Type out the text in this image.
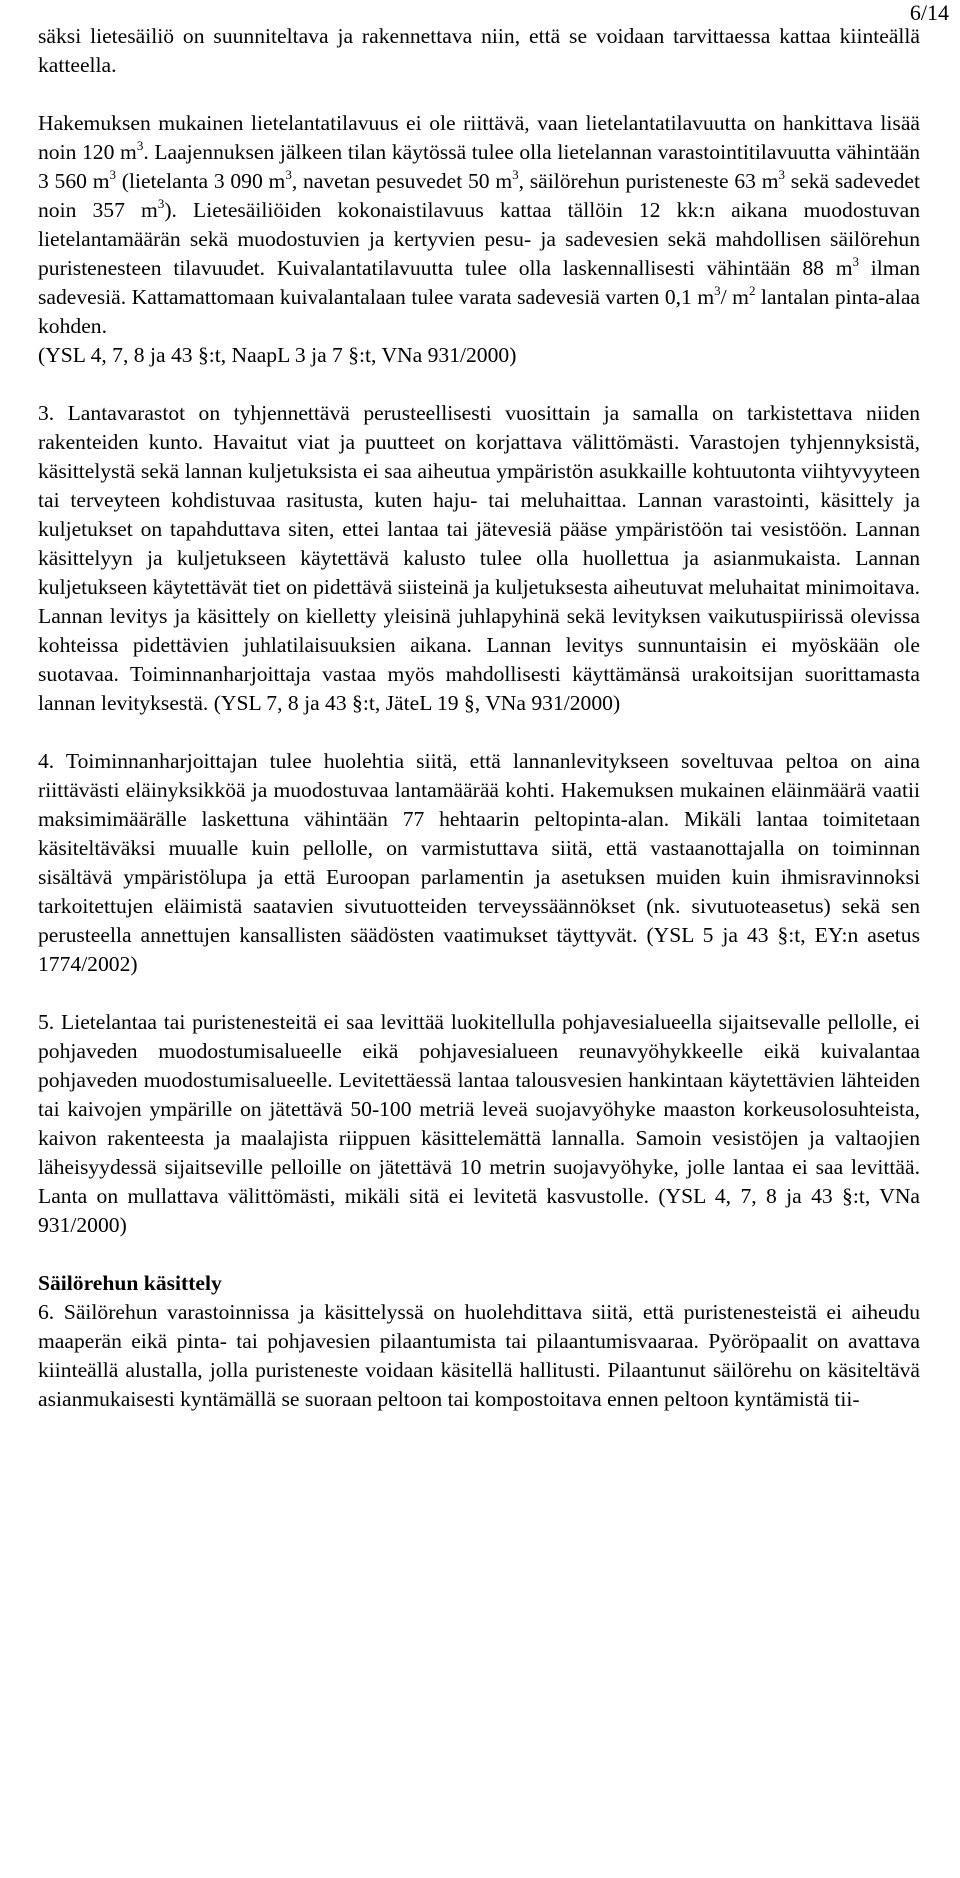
6/14

säksi lietesäiliö on suunniteltava ja rakennettava niin, että se voidaan tarvittaessa kattaa kiinteällä katteella.

Hakemuksen mukainen lietelantatilavuus ei ole riittävä, vaan lietelantatilavuutta on hankittava lisää noin 120 $m^3$. Laajennuksen jälkeen tilan käytössä tulee olla lietelannan varastointitilavuutta vähintään 3 560 $m^3$ (lietelanta 3 090 $m^3$, navetan pesuvedet 50 $m^3$, säilörehun puristeneste 63 $m^3$ sekä sadevedet noin 357 $m^3$). Lietesäiliöiden kokonaistilavuus kattaa tällöin 12 kk:n aikana muodostuvan lietelantamäärän sekä muodostuvien ja kertyvien pesu- ja sadevesien sekä mahdollisen säilörehun puristenesteen tilavuudet. Kuivalantatilavuutta tulee olla laskennallisesti vähintään 88 $m^3$ ilman sadevesiä. Kattamattomaan kuivalantalaan tulee varata sadevesiä varten 0,1 $m^3/$ $m^2$ lantalan pinta-alaa kohden.

(YSL 4, 7, 8 ja 43 §:t, NaapL 3 ja 7 §:t, VNa 931/2000)

3. Lantavarastot on tyhjennettävä perusteellisesti vuosittain ja samalla on tarkistettava niiden rakenteiden kunto. Havaitut viat ja puutteet on korjattava välittömästi. Varastojen tyhjennyksistä, käsittelystä sekä lannan kuljetuksista ei saa aiheutua ympäristön asukkaille kohtuutonta viihtyvyyteen tai terveyteen kohdistuvaa rasitusta, kuten haju- tai meluhaittaa. Lannan varastointi, käsittely ja kuljetukset on tapahduttava siten, ettei lantaa tai jätevesiä pääse ympäristöön tai vesistöön. Lannan käsittelyyn ja kuljetukseen käytettävä kalusto tulee olla huollettua ja asianmukaista. Lannan kuljetukseen käytettävät tiet on pidettävä siisteinä ja kuljetuksesta aiheutuvat meluhaitat minimoitava. Lannan levitys ja käsittely on kielletty yleisinä juhlapyhinä sekä levityksen vaikutuspiirissä olevissa kohteissa pidettävien juhlatilaisuuksien aikana. Lannan levitys sunnuntaisin ei myöskään ole suotavaa. Toiminnanharjoittaja vastaa myös mahdollisesti käyttämänsä urakoitsijan suorittamasta lannan levityksestä. (YSL 7, 8 ja 43 §:t, JäteL 19 §, VNa 931/2000)

4. Toiminnanharjoittajan tulee huolehtia siitä, että lannanlevitykseen soveltuvaa peltoa on aina riittävästi eläinyksikköä ja muodostuvaa lantamäärää kohti. Hakemuksen mukainen eläinmäärä vaatii maksimimäärälle laskettuna vähintään 77 hehtaarin peltopinta-alan. Mikäli lantaa toimitetaan käsiteltäväksi muualle kuin pellolle, on varmistuttava siitä, että vastaanottajalla on toiminnan sisältävä ympäristölupa ja että Euroopan parlamentin ja asetuksen muiden kuin ihmisravinnoksi tarkoitettujen eläimistä saatavien sivutuotteiden terveyssäännökset (nk. sivutuoteasetus) sekä sen perusteella annettujen kansallisten säädösten vaatimukset täyttyvät. (YSL 5 ja 43 §:t, EY:n asetus 1774/2002)

5. Lietelantaa tai puristenesteitä ei saa levittää luokitellulla pohjavesialueella sijaitsevalle pellolle, ei pohjaveden muodostumisalueelle eikä pohjavesialueen reunavyöhykkeelle eikä kuivalantaa pohjaveden muodostumisalueelle. Levitettäessä lantaa talousvesien hankintaan käytettävien lähteiden tai kaivojen ympärille on jätettävä 50-100 metriä leveä suojavyöhyke maaston korkeusolosuhteista, kaivon rakenteesta ja maalajista riippuen käsittelemättä lannalla. Samoin vesistöjen ja valtaojien läheisyydessä sijaitseville pelloille on jätettävä 10 metrin suojavyöhyke, jolle lantaa ei saa levittää. Lanta on mullattava välittömästi, mikäli sitä ei levitetä kasvustolle. (YSL 4, 7, 8 ja 43 §:t, VNa 931/2000)

Säilörehun käsittely

6. Säilörehun varastoinnissa ja käsittelyssä on huolehdittava siitä, että puristenesteistä ei aiheudu maaperän eikä pinta- tai pohjavesien pilaantumista tai pilaantumisvaaraa. Pyöröpaalit on avattava kiinteällä alustalla, jolla puristeneste voidaan käsitellä hallitusti. Pilaantunut säilörehu on käsiteltävä asianmukaisesti kyntämällä se suoraan peltoon tai kompostoitava ennen peltoon kyntämistä tii-
